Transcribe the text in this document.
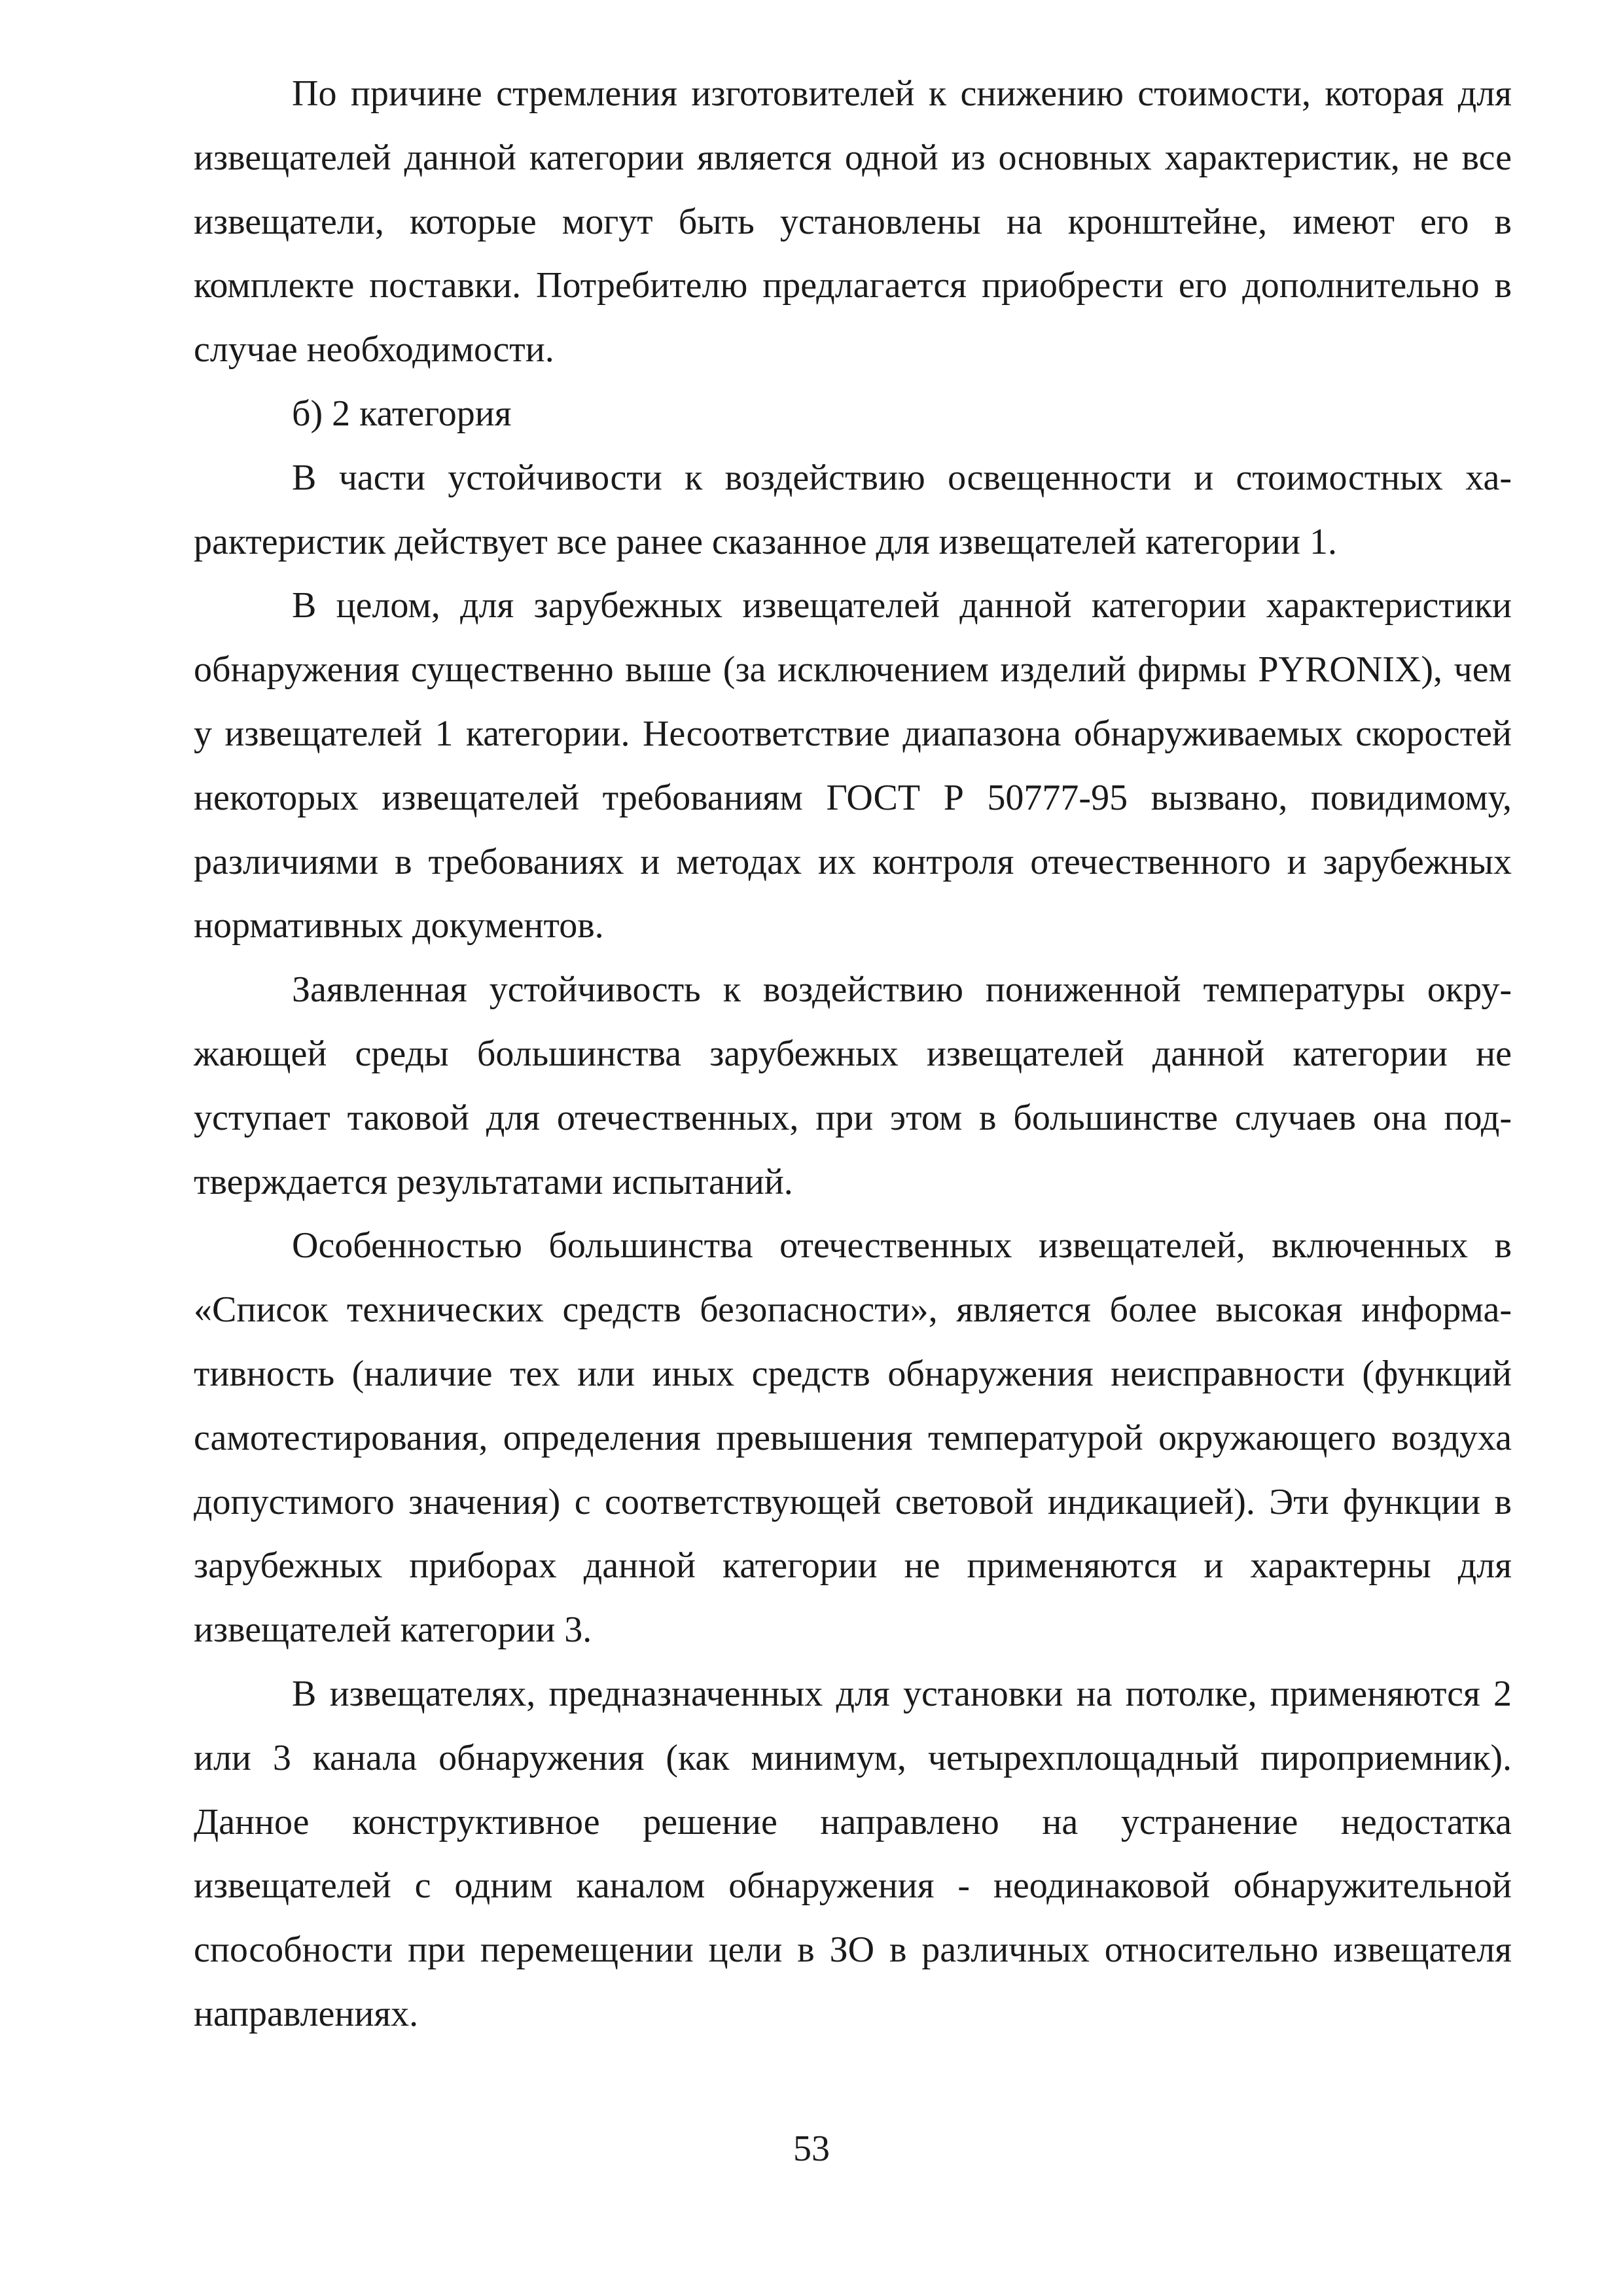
По причине стремления изготовителей к снижению стоимости, которая для извещателей данной категории является одной из основных характеристик, не все извещатели, которые могут быть установлены на кронштейне, имеют его в комплекте поставки. Потребителю предлагается приобрести его дополнительно в случае необходимости.

б) 2 категория

В части устойчивости к воздействию освещенности и стоимостных характеристик действует все ранее сказанное для извещателей категории 1.

В целом, для зарубежных извещателей данной категории характеристики обнаружения существенно выше (за исключением изделий фирмы PYRONIX), чем у извещателей 1 категории. Несоответствие диапазона обнаруживаемых скоростей некоторых извещателей требованиям ГОСТ Р 50777-95 вызвано, повидимому, различиями в требованиях и методах их контроля отечественного и зарубежных нормативных документов.

Заявленная устойчивость к воздействию пониженной температуры окружающей среды большинства зарубежных извещателей данной категории не уступает таковой для отечественных, при этом в большинстве случаев она подтверждается результатами испытаний.

Особенностью большинства отечественных извещателей, включенных в «Список технических средств безопасности», является более высокая информативность (наличие тех или иных средств обнаружения неисправности (функций самотестирования, определения превышения температурой окружающего воздуха допустимого значения) с соответствующей световой индикацией). Эти функции в зарубежных приборах данной категории не применяются и характерны для извещателей категории 3.

В извещателях, предназначенных для установки на потолке, применяются 2 или 3 канала обнаружения (как минимум, четырехплощадный пироприемник). Данное конструктивное решение направлено на устранение недостатка извещателей с одним каналом обнаружения - неодинаковой обнаружительной способности при перемещении цели в ЗО в различных относительно извещателя направлениях.

53
